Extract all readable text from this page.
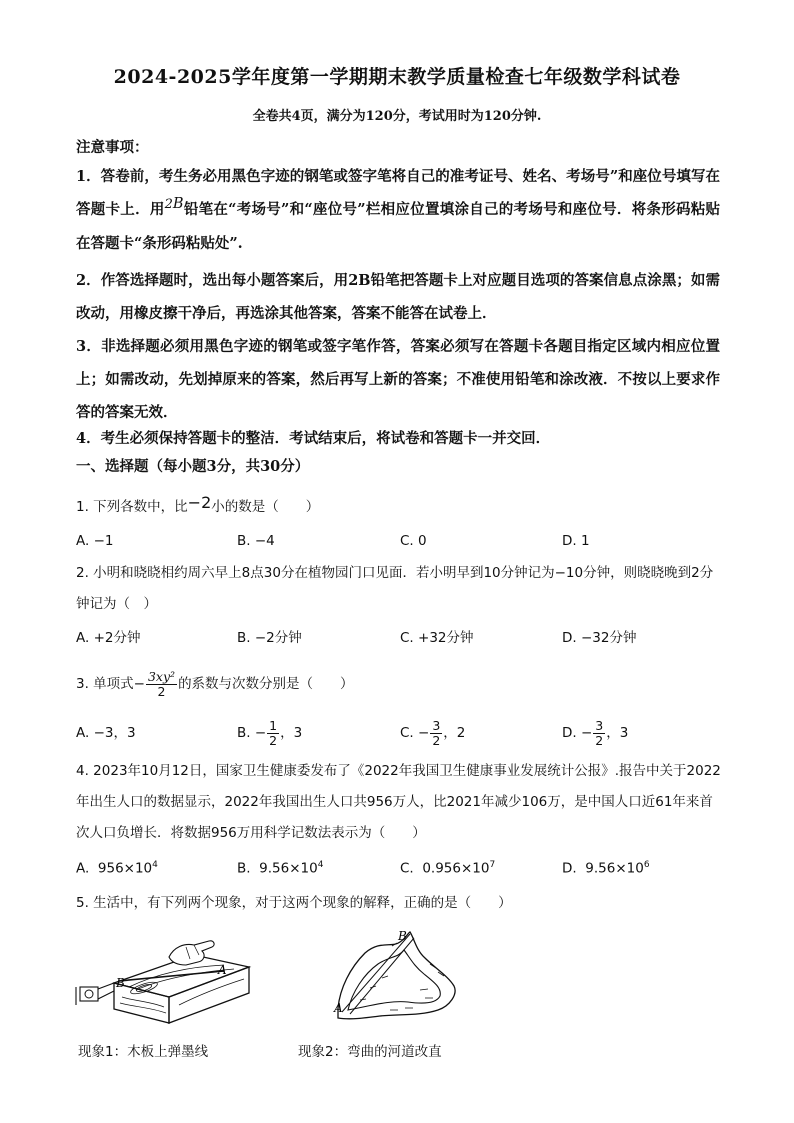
2024-2025学年度第一学期期末教学质量检查七年级数学科试卷
全卷共4页，满分为120分，考试用时为120分钟.
注意事项：
1．答卷前，考生务必用黑色字迹的钢笔或签字笔将自己的准考证号、姓名、考场号”和座位号填写在答题卡上．用2B铅笔在“考场号”和“座位号”栏相应位置填涂自己的考场号和座位号．将条形码粘贴在答题卡“条形码粘贴处”.
2．作答选择题时，选出每小题答案后，用2B铅笔把答题卡上对应题目选项的答案信息点涂黑；如需改动，用橡皮擦干净后，再选涂其他答案，答案不能答在试卷上．
3．非选择题必须用黑色字迹的钢笔或签字笔作答，答案必须写在答题卡各题目指定区域内相应位置上；如需改动，先划掉原来的答案，然后再写上新的答案；不准使用铅笔和涂改液．不按以上要求作答的答案无效．
4．考生必须保持答题卡的整洁．考试结束后，将试卷和答题卡一并交回．
一、选择题（每小题3分，共30分）
1. 下列各数中，比−2小的数是（　　）
A. −1	B. −4	C. 0	D. 1
2. 小明和晓晓相约周六早上8点30分在植物园门口见面．若小明早到10分钟记为−10分钟，则晓晓晚到2分钟记为（　）
A. +2分钟	B. −2分钟	C. +32分钟	D. −32分钟
3. 单项式− $\frac{\text{3xy²}}{2}$ 的系数与次数分别是（　　）
A. −3，3	B. − $\frac{1}{2}$ ，3	C. − $\frac{3}{2}$ ，2	D. − $\frac{3}{2}$ ，3
4. 2023年10月12日，国家卫生健康委发布了《2022年我国卫生健康事业发展统计公报》.报告中关于2022年出生人口的数据显示，2022年我国出生人口共956万人，比2021年减少106万，是中国人口近61年来首次人口负增长．将数据956万用科学记数法表示为（　　）
A. $956\times 10^4$	B. $9.56\times 10^4$	C. $0.956\times 10^7$	D. $9.56\times 10^6$
5. 生活中，有下列两个现象，对于这两个现象的解释，正确的是（　　）
B
A
现象1：木板上弹墨线
A
B
现象2：弯曲的河道改直
